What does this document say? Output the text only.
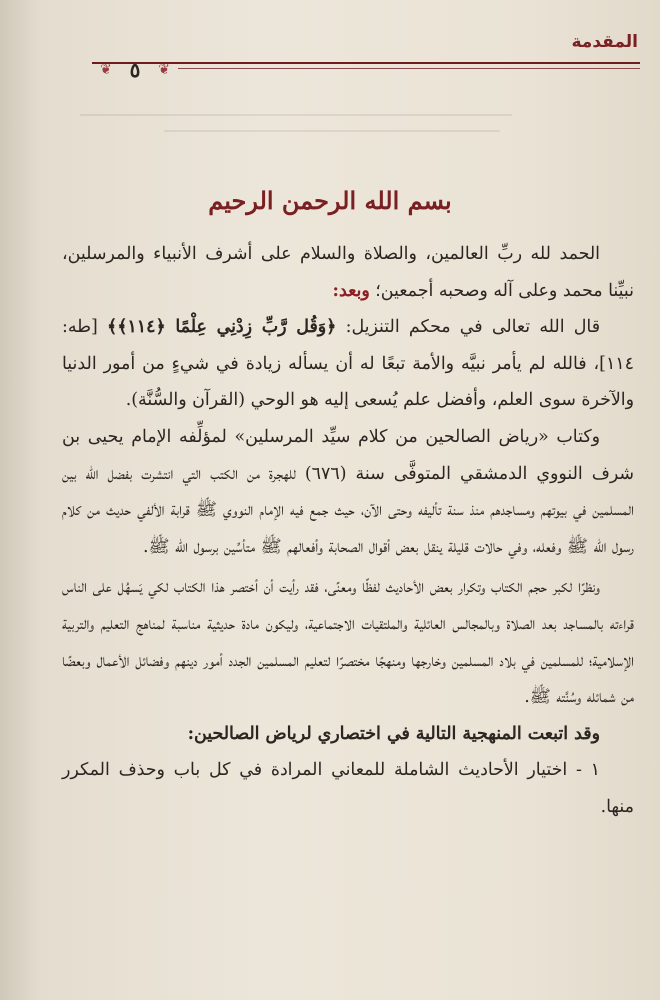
المقدمة
❦ ٥ ❦
بسم الله الرحمن الرحيم

الحمد لله ربِّ العالمين، والصلاة والسلام على أشرف الأنبياء والمرسلين، نبيِّنا محمد وعلى آله وصحبه أجمعين؛ وبعد:

قال الله تعالى في محكم التنزيل: ﴿وَقُل رَّبِّ زِدْنِي عِلْمًا ﴿١١٤﴾﴾ [طه: ١١٤]، فالله لم يأمر نبيَّه والأمة تبعًا له أن يسأله زيادة في شيءٍ من أمور الدنيا والآخرة سوى العلم، وأفضل علم يُسعى إليه هو الوحي (القرآن والسُّنَّة).

وكتاب «رياض الصالحين من كلام سيِّد المرسلين» لمؤلِّفه الإمام يحيى بن شرف النووي الدمشقي المتوفَّى سنة (٦٧٦) للهجرة من الكتب التي انتشرت بفضل الله بين المسلمين في بيوتهم ومساجدهم منذ سنة تأليفه وحتى الآن، حيث جمع فيه الإمام النووي ﷺ قرابة الألفي حديث من كلام رسول الله ﷺ وفعله، وفي حالات قليلة ينقل بعض أقوال الصحابة وأفعالهم ﷺ متأسِّين برسول الله ﷺ.

ونظرًا لكبر حجم الكتاب وتكرار بعض الأحاديث لفظًا ومعنًى، فقد رأيت أن أختصر هذا الكتاب لكي يَسهُل على الناس قراءته بالمساجد بعد الصلاة وبالمجالس العائلية والملتقيات الاجتماعية، وليكون مادة حديثية مناسبة لمناهج التعليم والتربية الإسلامية؛ للمسلمين في بلاد المسلمين وخارجها ومنهجًا مختصرًا لتعليم المسلمين الجدد أمور دينهم وفضائل الأعمال وبعضًا من شمائله وسُنَّته ﷺ.

وقد اتبعت المنهجية التالية في اختصاري لرياض الصالحين:

١ - اختيار الأحاديث الشاملة للمعاني المرادة في كل باب وحذف المكرر منها.
